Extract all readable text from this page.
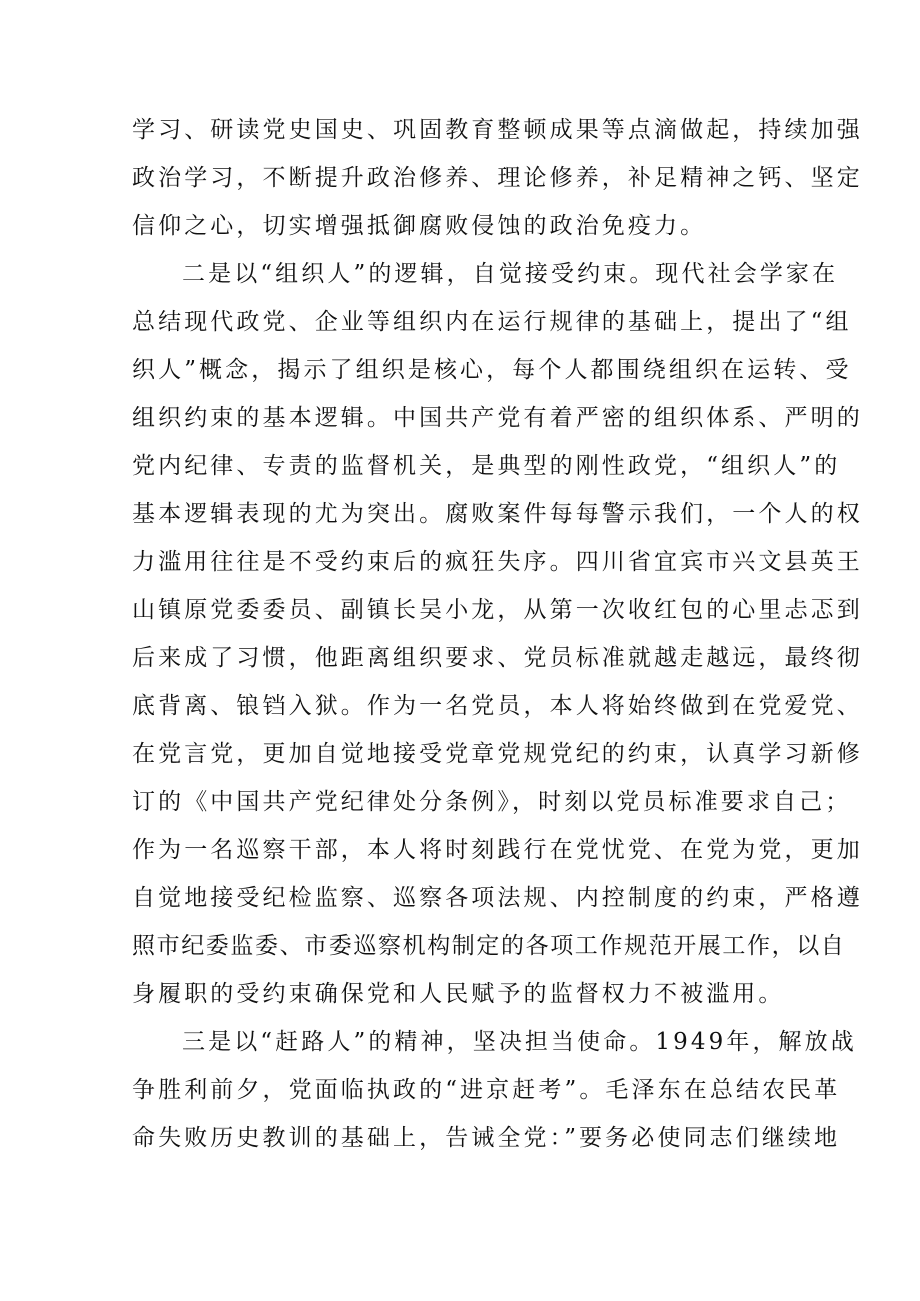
学习、研读党史国史、巩固教育整顿成果等点滴做起，持续加强
政治学习，不断提升政治修养、理论修养，补足精神之钙、坚定
信仰之心，切实增强抵御腐败侵蚀的政治免疫力。
二是以“组织人”的逻辑，自觉接受约束。现代社会学家在
总结现代政党、企业等组织内在运行规律的基础上，提出了“组
织人”概念，揭示了组织是核心，每个人都围绕组织在运转、受
组织约束的基本逻辑。中国共产党有着严密的组织体系、严明的
党内纪律、专责的监督机关，是典型的刚性政党，“组织人”的
基本逻辑表现的尤为突出。腐败案件每每警示我们，一个人的权
力滥用往往是不受约束后的疯狂失序。四川省宜宾市兴文县英王
山镇原党委委员、副镇长吴小龙，从第一次收红包的心里忐忑到
后来成了习惯，他距离组织要求、党员标准就越走越远，最终彻
底背离、锒铛入狱。作为一名党员，本人将始终做到在党爱党、
在党言党，更加自觉地接受党章党规党纪的约束，认真学习新修
订的《中国共产党纪律处分条例》，时刻以党员标准要求自己；
作为一名巡察干部，本人将时刻践行在党忧党、在党为党，更加
自觉地接受纪检监察、巡察各项法规、内控制度的约束，严格遵
照市纪委监委、市委巡察机构制定的各项工作规范开展工作，以自
身履职的受约束确保党和人民赋予的监督权力不被滥用。
三是以“赶路人”的精神，坚决担当使命。1949年，解放战
争胜利前夕，党面临执政的“进京赶考”。毛泽东在总结农民革
命失败历史教训的基础上，告诫全党：”要务必使同志们继续地
